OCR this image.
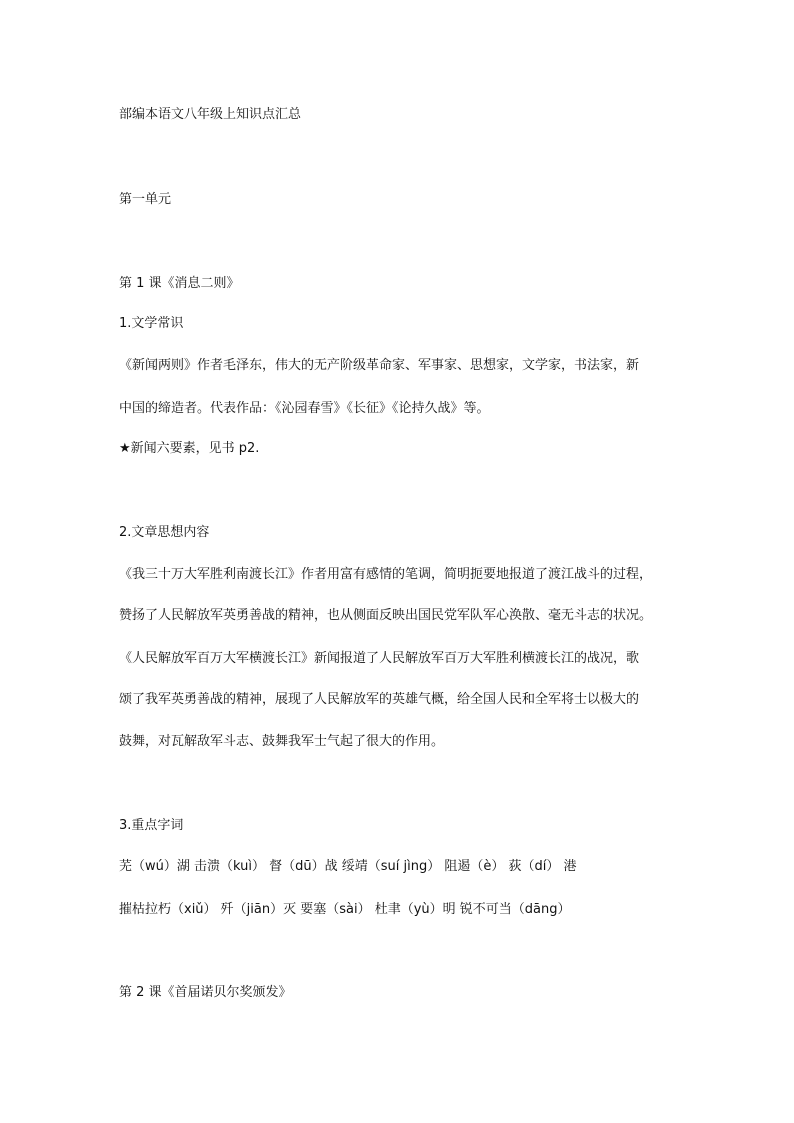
部编本语文八年级上知识点汇总
第一单元
第 1 课《消息二则》
1.文学常识
《新闻两则》作者毛泽东，伟大的无产阶级革命家、军事家、思想家，文学家，书法家，新
中国的缔造者。代表作品：《沁园春雪》《长征》《论持久战》等。
★新闻六要素，见书 p2.
2.文章思想内容
《我三十万大军胜利南渡长江》作者用富有感情的笔调，简明扼要地报道了渡江战斗的过程，
赞扬了人民解放军英勇善战的精神，也从侧面反映出国民党军队军心涣散、毫无斗志的状况。
《人民解放军百万大军横渡长江》新闻报道了人民解放军百万大军胜利横渡长江的战况，歌
颂了我军英勇善战的精神，展现了人民解放军的英雄气概，给全国人民和全军将士以极大的
鼓舞，对瓦解敌军斗志、鼓舞我军士气起了很大的作用。
3.重点字词
芜（wú）湖 击溃（kuì） 督（dū）战 绥靖（suí jìng） 阻遏（è） 荻（dí） 港
摧枯拉朽（xiǔ） 歼（jiān）灭 要塞（sài） 杜聿（yù）明 锐不可当（dāng）
第 2 课《首届诺贝尔奖颁发》
